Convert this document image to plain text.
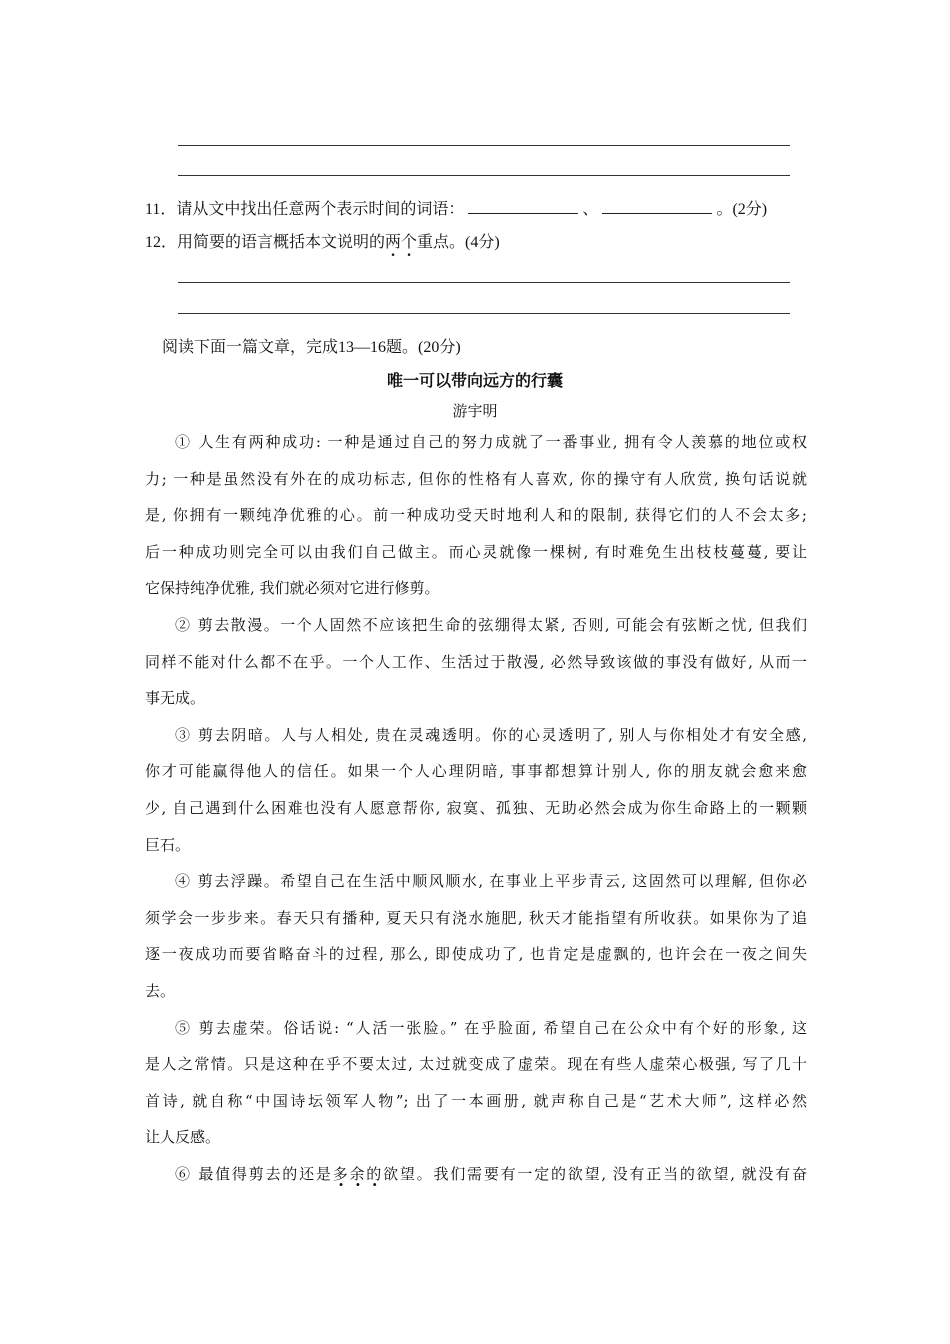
11．请从文中找出任意两个表示时间的词语：	、	。(2分)
12．用简要的语言概括本文说明的两个重点。(4分)
阅读下面一篇文章，完成13—16题。(20分)
唯一可以带向远方的行囊
游宇明
① 人生有两种成功: 一种是通过自己的努力成就了一番事业, 拥有令人羡慕的地位或权
力; 一种是虽然没有外在的成功标志, 但你的性格有人喜欢, 你的操守有人欣赏, 换句话说就
是, 你拥有一颗纯净优雅的心。前一种成功受天时地利人和的限制, 获得它们的人不会太多;
后一种成功则完全可以由我们自己做主。而心灵就像一棵树, 有时难免生出枝枝蔓蔓, 要让
它保持纯净优雅, 我们就必须对它进行修剪。
② 剪去散漫。一个人固然不应该把生命的弦绷得太紧, 否则, 可能会有弦断之忧, 但我们
同样不能对什么都不在乎。一个人工作、生活过于散漫, 必然导致该做的事没有做好, 从而一
事无成。
③ 剪去阴暗。人与人相处, 贵在灵魂透明。你的心灵透明了, 别人与你相处才有安全感,
你才可能赢得他人的信任。如果一个人心理阴暗, 事事都想算计别人, 你的朋友就会愈来愈
少, 自己遇到什么困难也没有人愿意帮你, 寂寞、孤独、无助必然会成为你生命路上的一颗颗
巨石。
④ 剪去浮躁。希望自己在生活中顺风顺水, 在事业上平步青云, 这固然可以理解, 但你必
须学会一步步来。春天只有播种, 夏天只有浇水施肥, 秋天才能指望有所收获。如果你为了追
逐一夜成功而要省略奋斗的过程, 那么, 即使成功了, 也肯定是虚飘的, 也许会在一夜之间失
去。
⑤ 剪去虚荣。俗话说: “人活一张脸。” 在乎脸面, 希望自己在公众中有个好的形象, 这
是人之常情。只是这种在乎不要太过, 太过就变成了虚荣。现在有些人虚荣心极强, 写了几十
首诗, 就自称“中国诗坛领军人物”; 出了一本画册, 就声称自己是“艺术大师”, 这样必然
让人反感。
⑥ 最值得剪去的还是多余的欲望。我们需要有一定的欲望, 没有正当的欲望, 就没有奋
